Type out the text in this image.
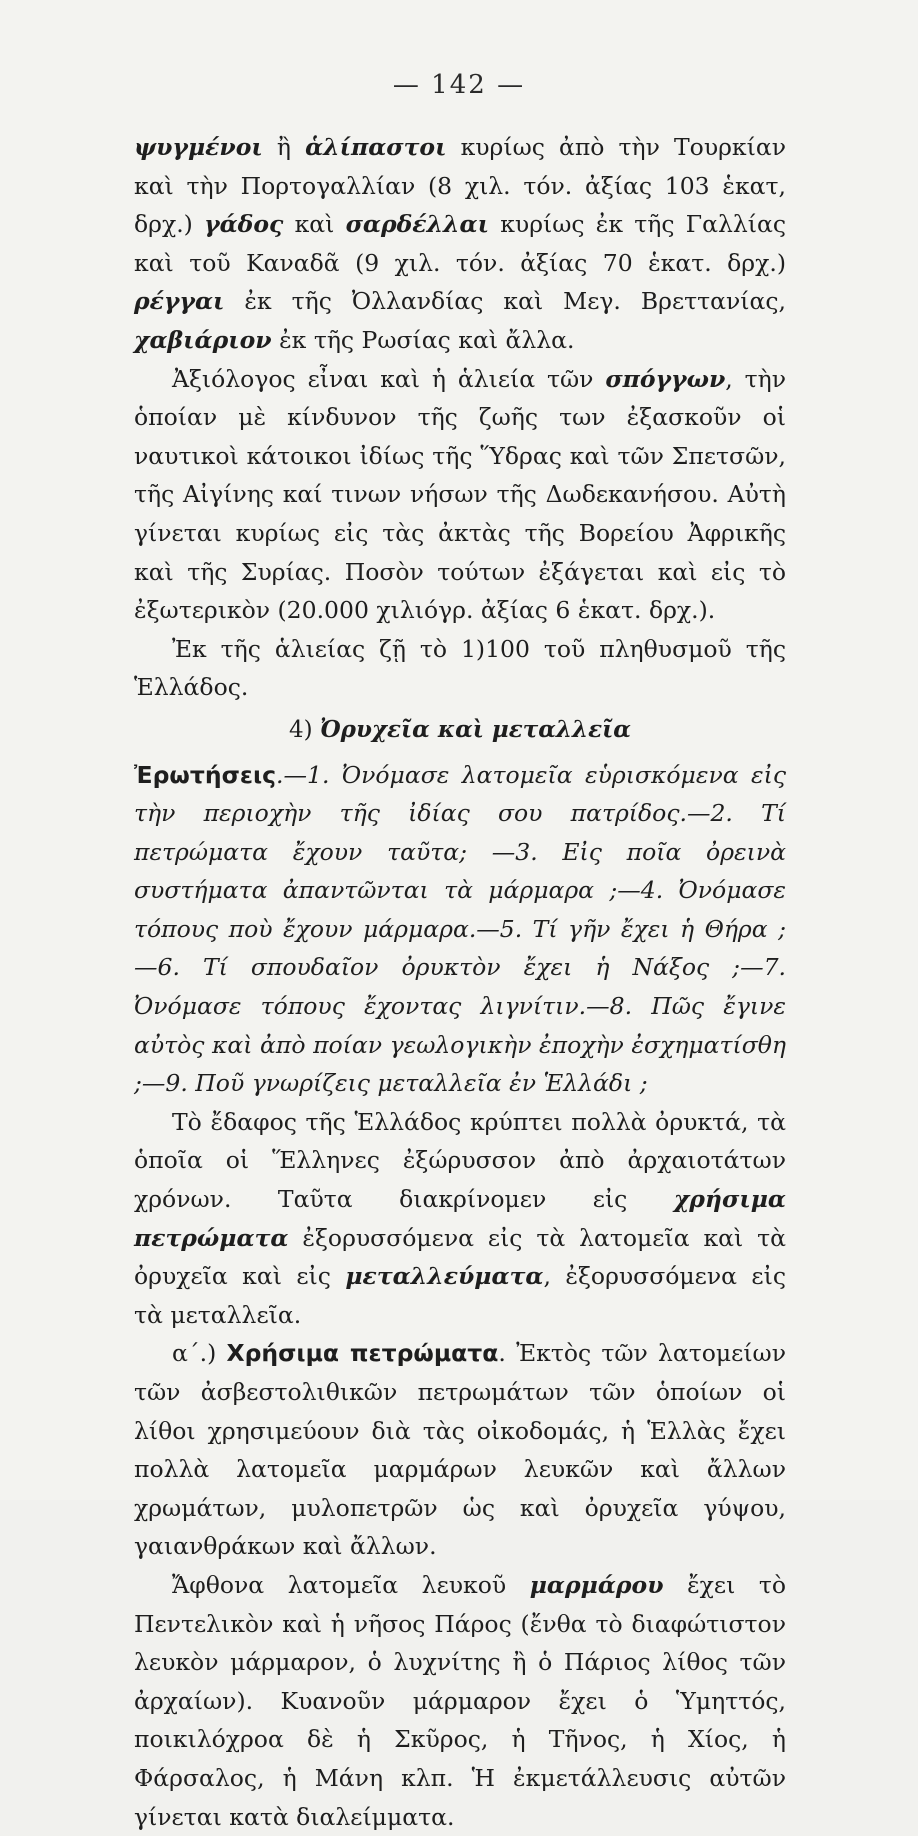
— 142 —

ψυγμένοι ἢ ἁλίπαστοι κυρίως ἀπὸ τὴν Τουρκίαν καὶ τὴν Πορτογαλλίαν (8 χιλ. τόν. ἀξίας 103 ἑκατ, δρχ.) γάδος καὶ σαρδέλλαι κυρίως ἐκ τῆς Γαλλίας καὶ τοῦ Καναδᾶ (9 χιλ. τόν. ἀξίας 70 ἑκατ. δρχ.) ρέγγαι ἐκ τῆς Ὀλλανδίας καὶ Μεγ. Βρεττανίας, χαβιάριον ἐκ τῆς Ρωσίας καὶ ἄλλα.

Ἀξιόλογος εἶναι καὶ ἡ ἁλιεία τῶν σπόγγων, τὴν ὁποίαν μὲ κίνδυνον τῆς ζωῆς των ἐξασκοῦν οἱ ναυτικοὶ κάτοικοι ἰδίως τῆς Ὕδρας καὶ τῶν Σπετσῶν, τῆς Αἰγίνης καί τινων νήσων τῆς Δωδεκανήσου. Αὐτὴ γίνεται κυρίως εἰς τὰς ἀκτὰς τῆς Βορείου Ἀφρικῆς καὶ τῆς Συρίας. Ποσὸν τούτων ἐξάγεται καὶ εἰς τὸ ἐξωτερικὸν (20.000 χιλιόγρ. ἀξίας 6 ἑκατ. δρχ.).

Ἐκ τῆς ἁλιείας ζῇ τὸ 1)100 τοῦ πληθυσμοῦ τῆς Ἑλλάδος.

4) Ὀρυχεῖα καὶ μεταλλεῖα

Ἐρωτήσεις.—1. Ὀνόμασε λατομεῖα εὑρισκόμενα εἰς τὴν περιοχὴν τῆς ἰδίας σου πατρίδος.—2. Τί πετρώματα ἔχουν ταῦτα; —3. Εἰς ποῖα ὀρεινὰ συστήματα ἀπαντῶνται τὰ μάρμαρα ;—4. Ὀνόμασε τόπους ποὺ ἔχουν μάρμαρα.—5. Τί γῆν ἔχει ἡ Θήρα ; —6. Τί σπουδαῖον ὀρυκτὸν ἔχει ἡ Νάξος ;—7. Ὀνόμασε τόπους ἔχοντας λιγνίτιν.—8. Πῶς ἔγινε αὐτὸς καὶ ἀπὸ ποίαν γεωλογικὴν ἐποχὴν ἐσχηματίσθη ;—9. Ποῦ γνωρίζεις μεταλλεῖα ἐν Ἑλλάδι ;

Τὸ ἔδαφος τῆς Ἑλλάδος κρύπτει πολλὰ ὀρυκτά, τὰ ὁποῖα οἱ Ἕλληνες ἐξώρυσσον ἀπὸ ἀρχαιοτάτων χρόνων. Ταῦτα διακρίνομεν εἰς χρήσιμα πετρώματα ἐξορυσσόμενα εἰς τὰ λατομεῖα καὶ τὰ ὀρυχεῖα καὶ εἰς μεταλλεύματα, ἐξορυσσόμενα εἰς τὰ μεταλλεῖα.

α΄.) Χρήσιμα πετρώματα. Ἐκτὸς τῶν λατομείων τῶν ἀσβεστολιθικῶν πετρωμάτων τῶν ὁποίων οἱ λίθοι χρησιμεύουν διὰ τὰς οἰκοδομάς, ἡ Ἑλλὰς ἔχει πολλὰ λατομεῖα μαρμάρων λευκῶν καὶ ἄλλων χρωμάτων, μυλοπετρῶν ὡς καὶ ὀρυχεῖα γύψου, γαιανθράκων καὶ ἄλλων.

Ἄφθονα λατομεῖα λευκοῦ μαρμάρου ἔχει τὸ Πεντελικὸν καὶ ἡ νῆσος Πάρος (ἔνθα τὸ διαφώτιστον λευκὸν μάρμαρον, ὁ λυχνίτης ἢ ὁ Πάριος λίθος τῶν ἀρχαίων). Κυανοῦν μάρμαρον ἔχει ὁ Ὑμηττός, ποικιλόχροα δὲ ἡ Σκῦρος, ἡ Τῆνος, ἡ Χίος, ἡ Φάρσαλος, ἡ Μάνη κλπ. Ἡ ἐκμετάλλευσις αὐτῶν γίνεται κατὰ διαλείμματα.
